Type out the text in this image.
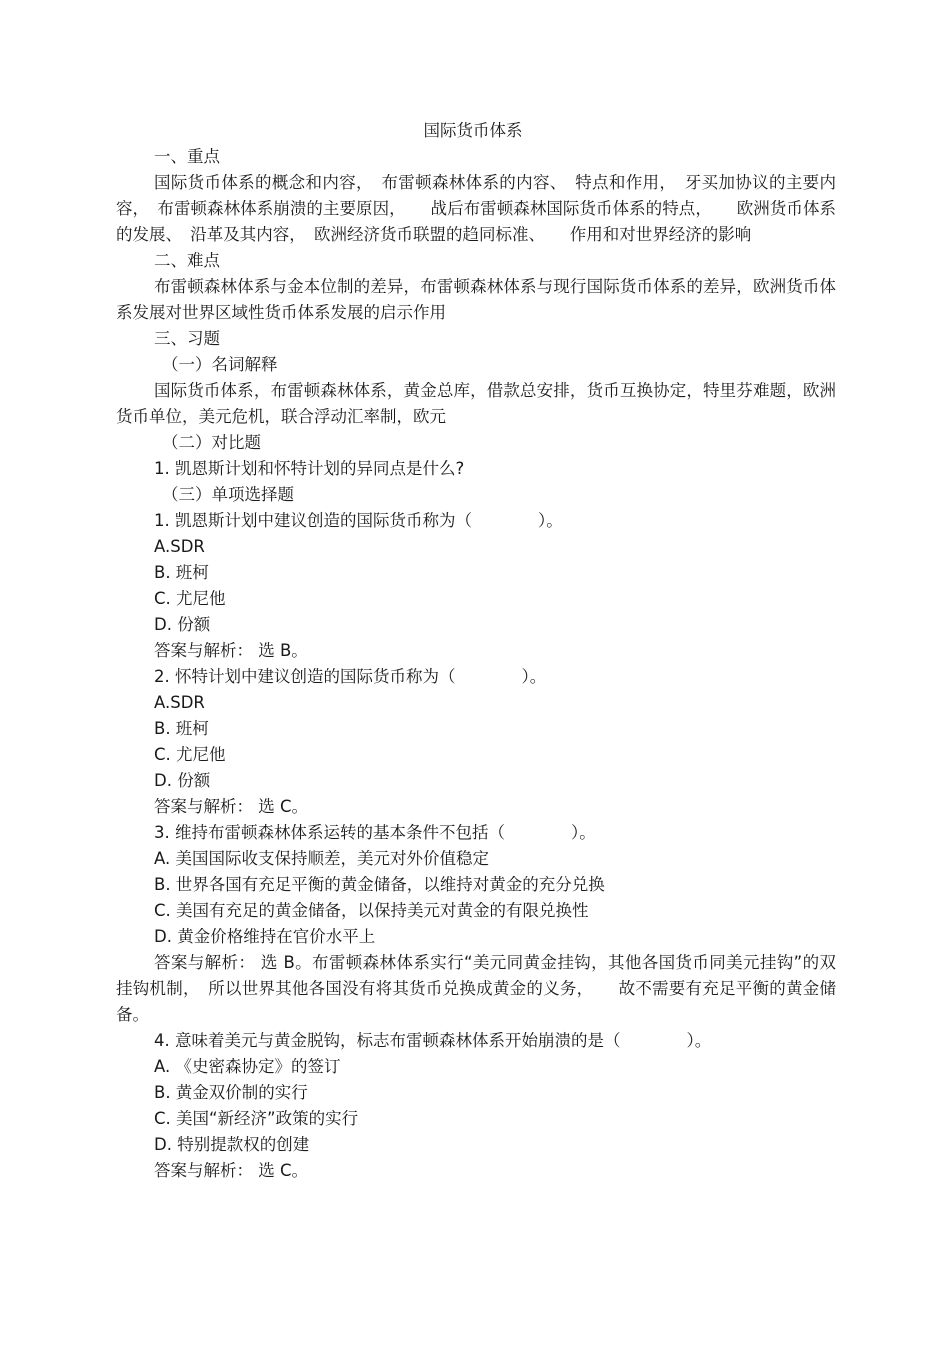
国际货币体系
一、重点
国际货币体系的概念和内容，　布雷顿森林体系的内容、　特点和作用，　牙买加协议的主要内容，　布雷顿森林体系崩溃的主要原因，　　战后布雷顿森林国际货币体系的特点，　　欧洲货币体系的发展、　沿革及其内容，　欧洲经济货币联盟的趋同标准、　　作用和对世界经济的影响
二、难点
布雷顿森林体系与金本位制的差异，布雷顿森林体系与现行国际货币体系的差异，欧洲货币体系发展对世界区域性货币体系发展的启示作用
三、习题
（一）名词解释
国际货币体系，布雷顿森林体系，黄金总库，借款总安排，货币互换协定，特里芬难题，欧洲货币单位，美元危机，联合浮动汇率制，欧元
（二）对比题
1. 凯恩斯计划和怀特计划的异同点是什么?
（三）单项选择题
1. 凯恩斯计划中建议创造的国际货币称为（　　　　）。
A.SDR
B. 班柯
C. 尤尼他
D. 份额
答案与解析： 选 B。
2. 怀特计划中建议创造的国际货币称为（　　　　）。
A.SDR
B. 班柯
C. 尤尼他
D. 份额
答案与解析： 选 C。
3. 维持布雷顿森林体系运转的基本条件不包括（　　　　）。
A. 美国国际收支保持顺差，美元对外价值稳定
B. 世界各国有充足平衡的黄金储备，以维持对黄金的充分兑换
C. 美国有充足的黄金储备，以保持美元对黄金的有限兑换性
D. 黄金价格维持在官价水平上
答案与解析： 选 B。布雷顿森林体系实行“美元同黄金挂钩，其他各国货币同美元挂钩”的双挂钩机制，　所以世界其他各国没有将其货币兑换成黄金的义务，　　故不需要有充足平衡的黄金储备。
4. 意味着美元与黄金脱钩，标志布雷顿森林体系开始崩溃的是（　　　　）。
A. 《史密森协定》的签订
B. 黄金双价制的实行
C. 美国“新经济”政策的实行
D. 特别提款权的创建
答案与解析： 选 C。
